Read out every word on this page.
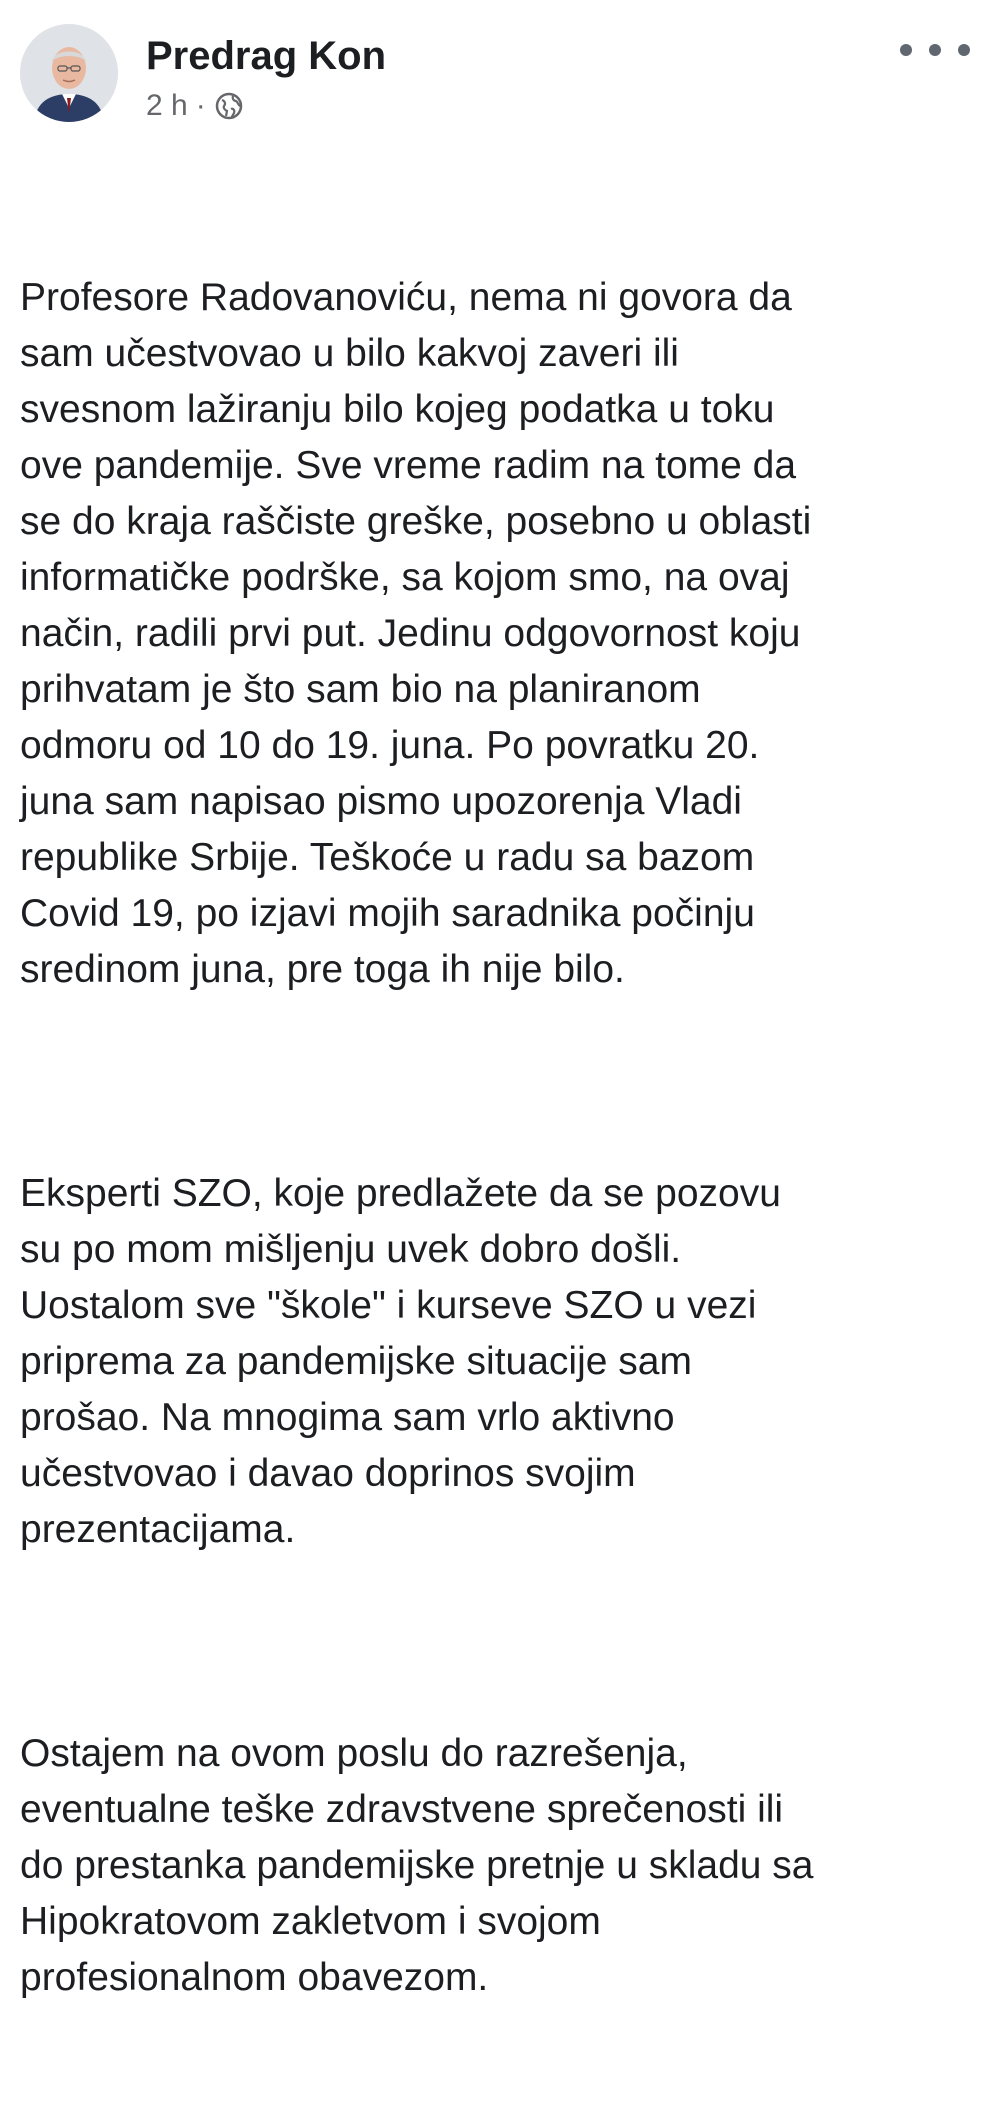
Predrag Kon
2 h ·

Profesore Radovanoviću, nema ni govora da
sam učestvovao u bilo kakvoj zaveri ili
svesnom lažiranju bilo kojeg podatka u toku
ove pandemije. Sve vreme radim na tome da
se do kraja raščiste greške, posebno u oblasti
informatičke podrške, sa kojom smo, na ovaj
način, radili prvi put. Jedinu odgovornost koju
prihvatam je što sam bio na planiranom
odmoru od 10 do 19. juna. Po povratku 20.
juna sam napisao pismo upozorenja Vladi
republike Srbije. Teškoće u radu sa bazom
Covid 19, po izjavi mojih saradnika počinju
sredinom juna, pre toga ih nije bilo.

Eksperti SZO, koje predlažete da se pozovu
su po mom mišljenju uvek dobro došli.
Uostalom sve "škole" i kurseve SZO u vezi
priprema za pandemijske situacije sam
prošao. Na mnogima sam vrlo aktivno
učestvovao i davao doprinos svojim
prezentacijama.

Ostajem na ovom poslu do razrešenja,
eventualne teške zdravstvene sprečenosti ili
do prestanka pandemijske pretnje u skladu sa
Hipokratovom zakletvom i svojom
profesionalnom obavezom.
